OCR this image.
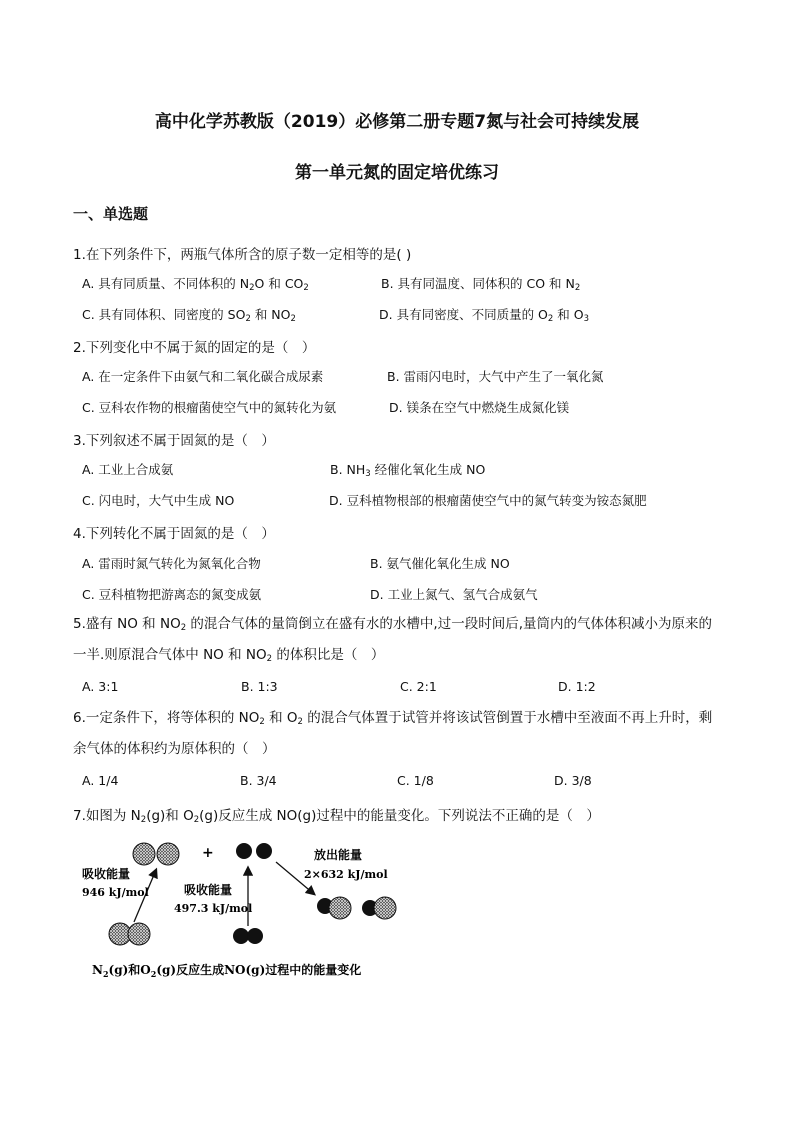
高中化学苏教版（2019）必修第二册专题7氮与社会可持续发展
第一单元氮的固定培优练习
一、单选题
1.在下列条件下，两瓶气体所含的原子数一定相等的是( )
A. 具有同质量、不同体积的 $N_2O$ 和 $CO_2$	B. 具有同温度、同体积的 CO 和 $N_2$
C. 具有同体积、同密度的 $SO_2$ 和 $NO_2$	D. 具有同密度、不同质量的 $O_2$ 和 $O_3$
2.下列变化中不属于氮的固定的是（　）
A. 在一定条件下由氨气和二氧化碳合成尿素	B. 雷雨闪电时，大气中产生了一氧化氮
C. 豆科农作物的根瘤菌使空气中的氮转化为氨	D. 镁条在空气中燃烧生成氮化镁
3.下列叙述不属于固氮的是（　）
A. 工业上合成氨	B. $NH_3$ 经催化氧化生成 NO
C. 闪电时，大气中生成 NO	D. 豆科植物根部的根瘤菌使空气中的氮气转变为铵态氮肥
4.下列转化不属于固氮的是（　）
A. 雷雨时氮气转化为氮氧化合物	B. 氨气催化氧化生成 NO
C. 豆科植物把游离态的氮变成氨	D. 工业上氮气、氢气合成氨气
5.盛有 NO 和 $NO_2$ 的混合气体的量筒倒立在盛有水的水槽中,过一段时间后,量筒内的气体体积减小为原来的一半.则原混合气体中 NO 和 $NO_2$ 的体积比是（　）
A. 3:1	B. 1:3	C. 2:1	D. 1:2
6.一定条件下，将等体积的 $NO_2$ 和 $O_2$ 的混合气体置于试管并将该试管倒置于水槽中至液面不再上升时，剩余气体的体积约为原体积的（　）
A. 1/4	B. 3/4	C. 1/8	D. 3/8
7.如图为 $N_2(g)$和 $O_2(g)$反应生成 NO(g)过程中的能量变化。下列说法不正确的是（　）
+
吸收能量
946 kJ/mol	吸收能量
497.3 kJ/mol
放出能量
2×632 kJ/mol
$N_2(g)$和$O_2(g)$反应生成NO(g)过程中的能量变化
